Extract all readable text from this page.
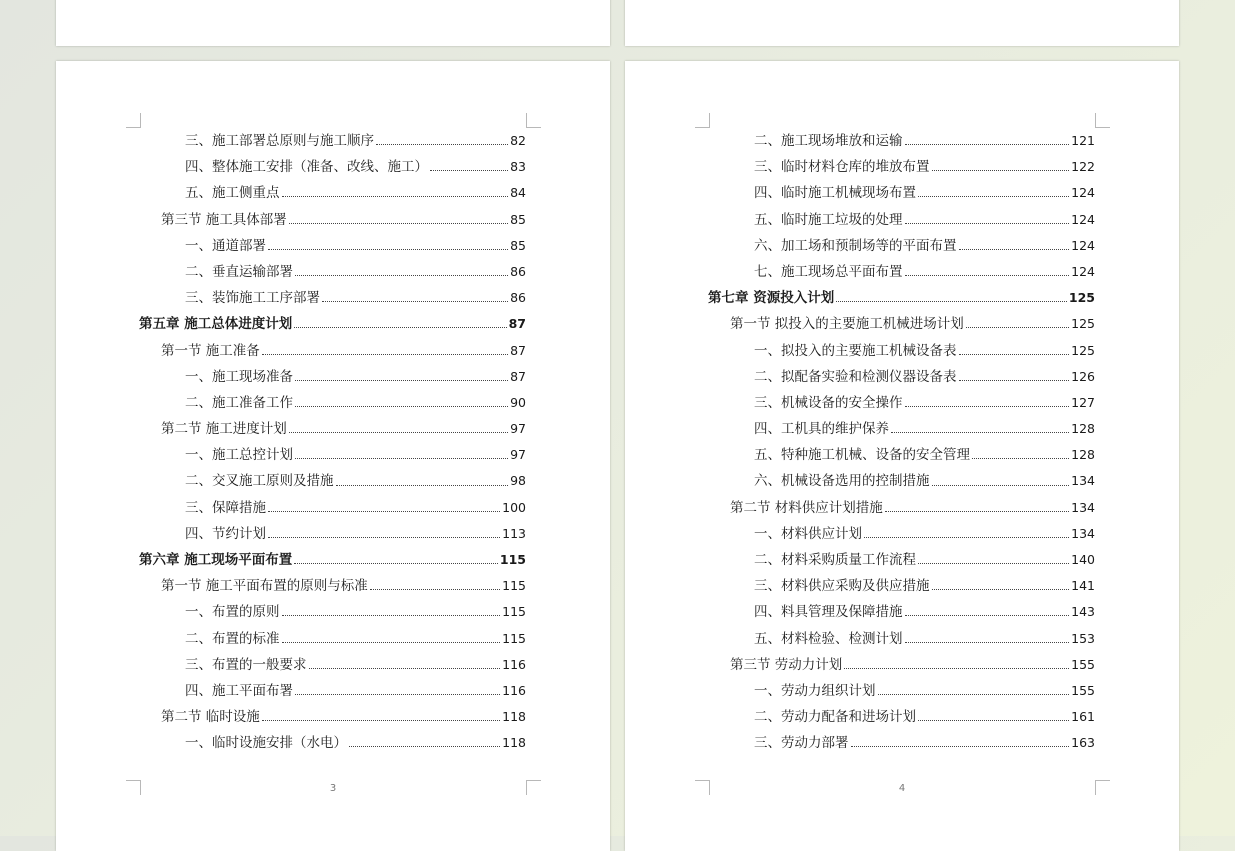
三、施工部署总原则与施工顺序	82
四、整体施工安排（准备、改线、施工）	83
五、施工侧重点	84
第三节 施工具体部署	85
一、通道部署	85
二、垂直运输部署	86
三、装饰施工工序部署	86
第五章 施工总体进度计划	87
第一节 施工准备	87
一、施工现场准备	87
二、施工准备工作	90
第二节 施工进度计划	97
一、施工总控计划	97
二、交叉施工原则及措施	98
三、保障措施	100
四、节约计划	113
第六章 施工现场平面布置	115
第一节 施工平面布置的原则与标准	115
一、布置的原则	115
二、布置的标准	115
三、布置的一般要求	116
四、施工平面布署	116
第二节 临时设施	118
一、临时设施安排（水电）	118
3
二、施工现场堆放和运输	121
三、临时材料仓库的堆放布置	122
四、临时施工机械现场布置	124
五、临时施工垃圾的处理	124
六、加工场和预制场等的平面布置	124
七、施工现场总平面布置	124
第七章 资源投入计划	125
第一节 拟投入的主要施工机械进场计划	125
一、拟投入的主要施工机械设备表	125
二、拟配备实验和检测仪器设备表	126
三、机械设备的安全操作	127
四、工机具的维护保养	128
五、特种施工机械、设备的安全管理	128
六、机械设备选用的控制措施	134
第二节 材料供应计划措施	134
一、材料供应计划	134
二、材料采购质量工作流程	140
三、材料供应采购及供应措施	141
四、料具管理及保障措施	143
五、材料检验、检测计划	153
第三节 劳动力计划	155
一、劳动力组织计划	155
二、劳动力配备和进场计划	161
三、劳动力部署	163
4
